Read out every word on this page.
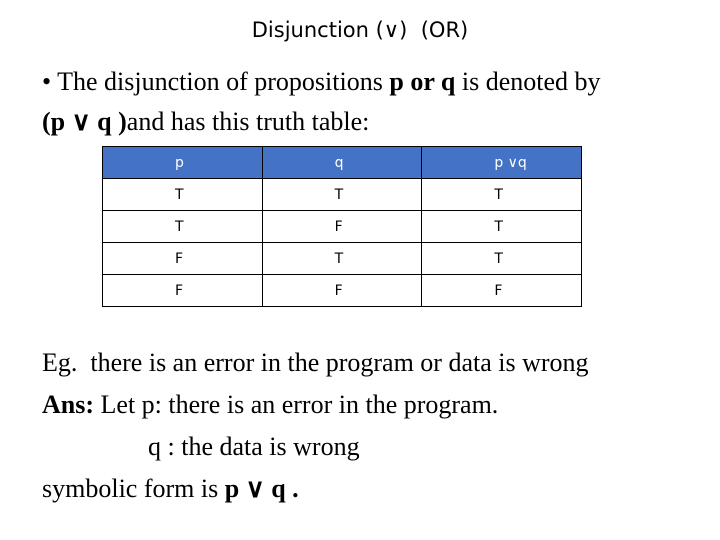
Disjunction (∨)  (OR)

• The disjunction of propositions p or q is denoted by
(p ∨ q )and has this truth table:

p	q	p ∨q
T	T	T
T	F	T
F	T	T
F	F	F
Eg.  there is an error in the program or data is wrong
Ans: Let p: there is an error in the program.
q : the data is wrong
symbolic form is p ∨ q .
